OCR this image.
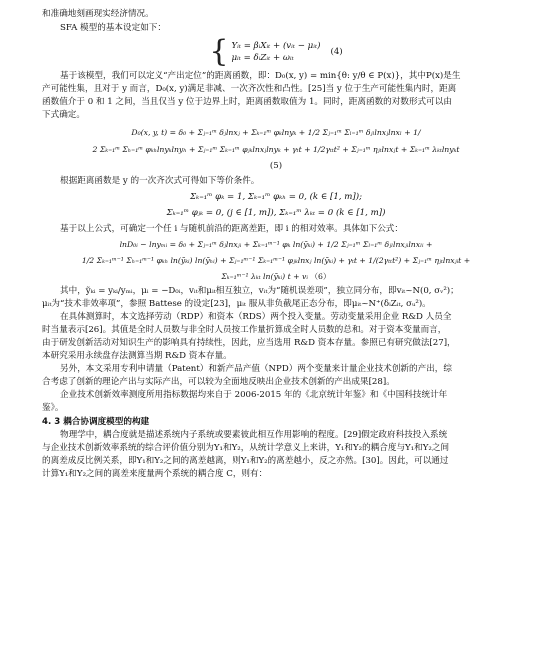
和准确地刻画现实经济情况。

SFA 模型的基本设定如下：

{ Yᵢₜ = βᵢXᵢₜ + (vᵢₜ − μᵢₜ)
μᵢₜ = δᵢZᵢₜ + ωᵢₜ
(4)

基于该模型，我们可以定义“产出定位”的距离函数，即：D₀(x, y) = min{θ: y/θ ∈ P(x)}，其中P(x)是生

产可能性集，且对于 y 而言，D₀(x, y)满足非减、一次齐次性和凸性。[25]当 y 位于生产可能性集内时，距离

函数值介于 0 和 1 之间，当且仅当 y 位于边界上时，距离函数取值为 1。同时，距离函数的对数形式可以由

下式确定。

D₀(x, y, t) = δ₀ + Σⱼ₌₁ᵐ δⱼlnxⱼ + Σₖ₌₁ᵐ φₖlnyₖ + 1/2 Σⱼ₌₁ᵐ Σₗ₌₁ᵐ δⱼₗlnxⱼlnxₗ + 1/
2 Σₖ₌₁ᵐ Σₕ₌₁ᵐ φₖₕlnyₖlnyₕ + Σⱼ₌₁ᵐ Σₖ₌₁ᵐ φⱼₖlnxⱼlnyₖ + γₜt + 1/2γₜₜt² + Σⱼ₌₁ᵐ ηⱼₜlnxⱼt + Σₖ₌₁ᵐ λₖₜlnyₖt
(5)

根据距离函数是 y 的一次齐次式可得如下等价条件。

Σₖ₌₁ᵐ φₖ = 1, Σₖ₌₁ᵐ φₖₕ = 0, (k ∈ [1, m]);
Σₖ₌₁ᵐ φⱼₖ = 0, (j ∈ [1, m]), Σₖ₌₁ᵐ λₖₜ = 0 (k ∈ [1, m])

基于以上公式，可确定一个任 i 与随机前沿的距离差距，即 i 的相对效率。具体如下公式：

lnD₀ᵢ − lnyₘᵢ = δ₀ + Σⱼ₌₁ᵐ δⱼlnxⱼᵢ + Σₖ₌₁ᵐ⁻¹ φₖ ln(ỹₖᵢ) + 1/2 Σⱼ₌₁ᵐ Σₗ₌₁ᵐ δⱼₗlnxⱼᵢlnxₗᵢ +
1/2 Σₖ₌₁ᵐ⁻¹ Σₕ₌₁ᵐ⁻¹ φₖₕ ln(ỹₖᵢ) ln(ỹₕᵢ) + Σⱼ₌₁ᵐ⁻¹ Σₖ₌₁ᵐ⁻¹ φⱼₖlnxⱼ ln(ỹₖᵢ) + γₜt + 1/(2γₜₜt²) + Σⱼ₌₁ᵐ ηⱼₜlnxⱼᵢt +
Σₖ₌₁ᵐ⁻¹ λₖₜ ln(ỹₖᵢ) t + vᵢ （6）

其中，ỹₖᵢ = yₖᵢ/yₘᵢ，μᵢ = −D₀ᵢ，vᵢₜ和μᵢₜ相互独立，vᵢₜ为“随机误差项”，独立同分布，即vᵢₜ~N(0, σᵥ²)；

μᵢₜ为“技术非效率项”，参照 Battese 的设定[23]，μᵢₜ 服从非负截尾正态分布，即μᵢₜ~N⁺(δᵢZᵢₜ, σᵤ²)。

在具体测算时，本文选择劳动（RDP）和资本（RDS）两个投入变量。劳动变量采用企业 R&D 人员全

时当量表示[26]。其值是全时人员数与非全时人员按工作量折算成全时人员数的总和。对于资本变量而言，

由于研发创新活动对知识生产的影响具有持续性，因此，应当选用 R&D 资本存量。参照已有研究做法[27]，

本研究采用永续盘存法测算当期 R&D 资本存量。

另外，本文采用专利申请量（Patent）和新产品产值（NPD）两个变量来计量企业技术创新的产出，综

合考虑了创新的理论产出与实际产出，可以较为全面地反映出企业技术创新的产出成果[28]。

企业技术创新效率测度所用指标数据均来自于 2006-2015 年的《北京统计年鉴》和《中国科技统计年

鉴》。

4. 3 耦合协调度模型的构建

物理学中，耦合度就是描述系统内子系统或要素彼此相互作用影响的程度。[29]假定政府科技投入系统

与企业技术创新效率系统的综合评价值分别为Y₁和Y₂，从统计学意义上来讲，Y₁和Y₂的耦合度与Y₁和Y₂之间

的离差成反比例关系，即Y₁和Y₂之间的离差越离，则Y₁和Y₂的离差越小，反之亦然。[30]。因此，可以通过

计算Y₁和Y₂之间的离差来度量两个系统的耦合度 C，则有：
